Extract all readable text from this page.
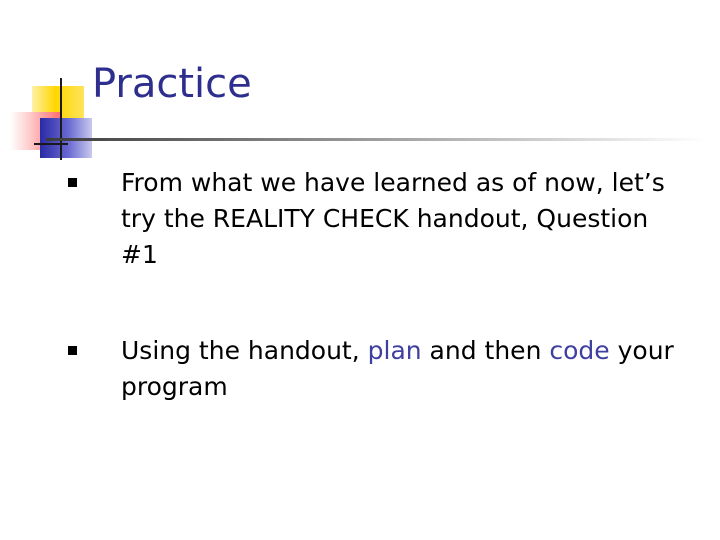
Practice

From what we have learned as of now, let’s try the REALITY CHECK handout, Question #1

Using the handout, plan and then code your program
